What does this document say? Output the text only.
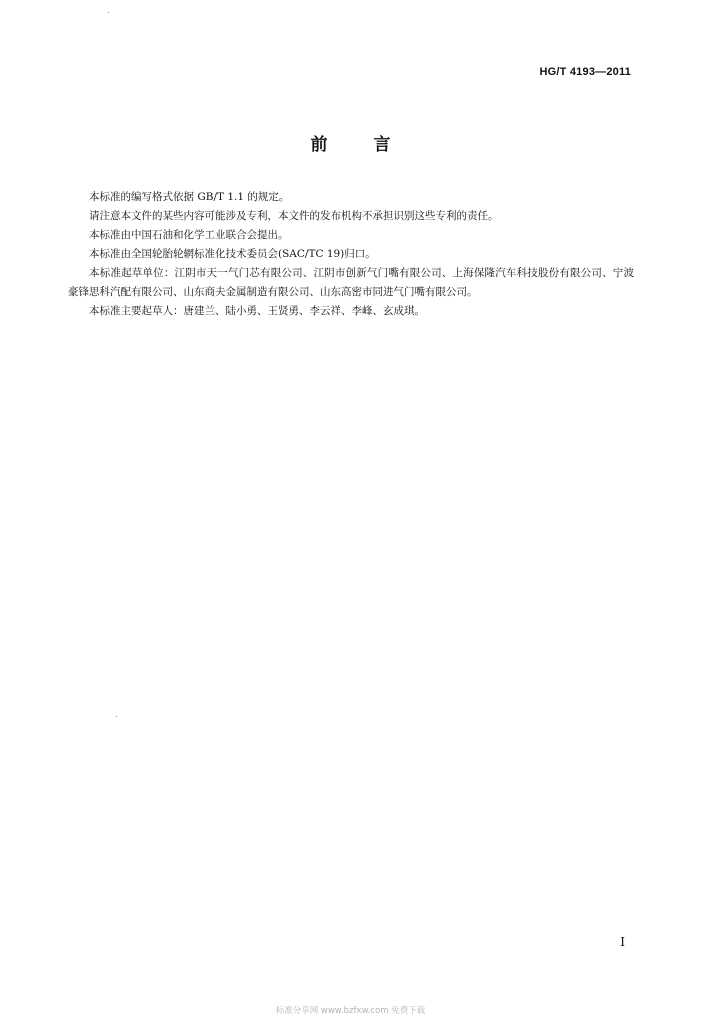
HG/T 4193—2011
前	言

本标准的编写格式依据 GB/T 1.1 的规定。

请注意本文件的某些内容可能涉及专利，本文件的发布机构不承担识别这些专利的责任。

本标准由中国石油和化学工业联合会提出。

本标准由全国轮胎轮辋标准化技术委员会(SAC/TC 19)归口。

本标准起草单位：江阴市天一气门芯有限公司、江阴市创新气门嘴有限公司、上海保隆汽车科技股份有限公司、宁波豪锋思科汽配有限公司、山东商夫金属制造有限公司、山东高密市同进气门嘴有限公司。

本标准主要起草人：唐建兰、陆小勇、王贤勇、李云祥、李峰、玄成琪。

I
标准分享网 www.bzfxw.com 免费下载
